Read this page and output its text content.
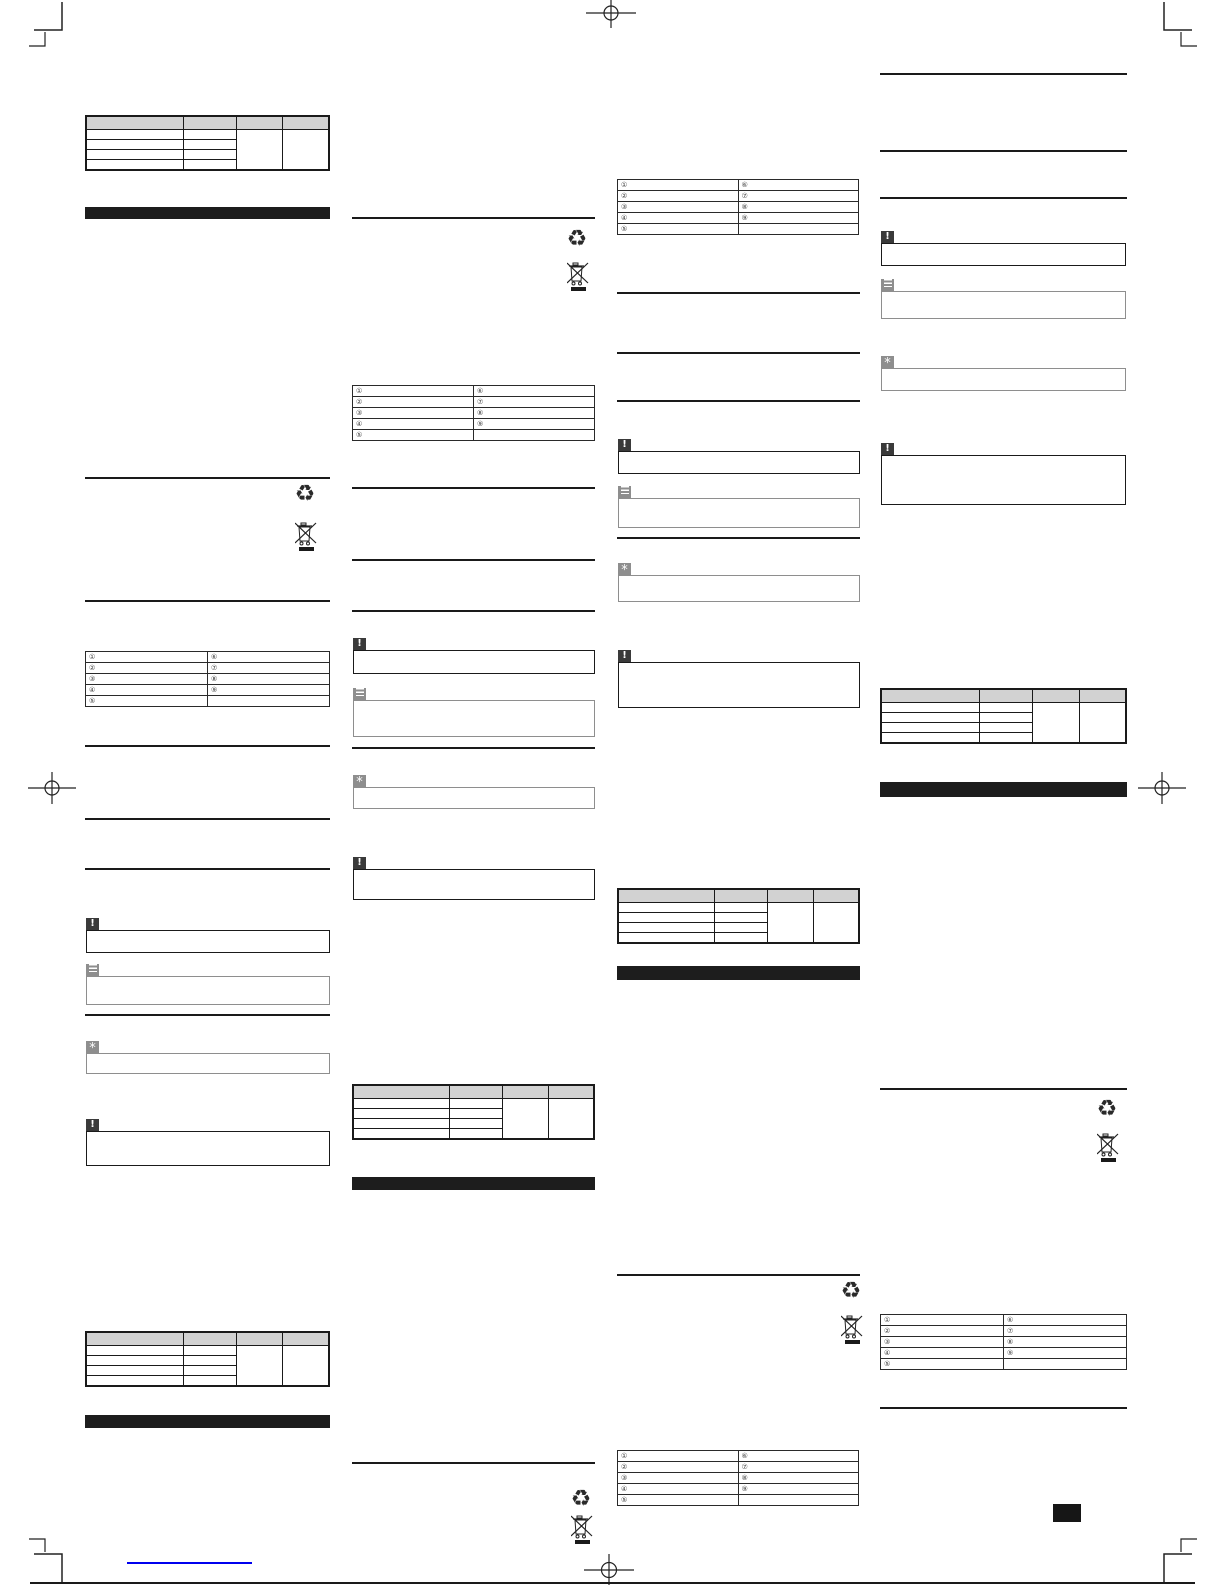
♻
①	⑥
②	⑦
③	⑧
④	⑨
⑤	
!
*
!

♻
①	⑥
②	⑦
③	⑧
④	⑨
⑤	
!
*
!

♻
①	⑥
②	⑦
③	⑧
④	⑨
⑤	
!
*
!

♻
①	⑥
②	⑦
③	⑧
④	⑨
⑤	
!
*
!

♻
①	⑥
②	⑦
③	⑧
④	⑨
⑤	
